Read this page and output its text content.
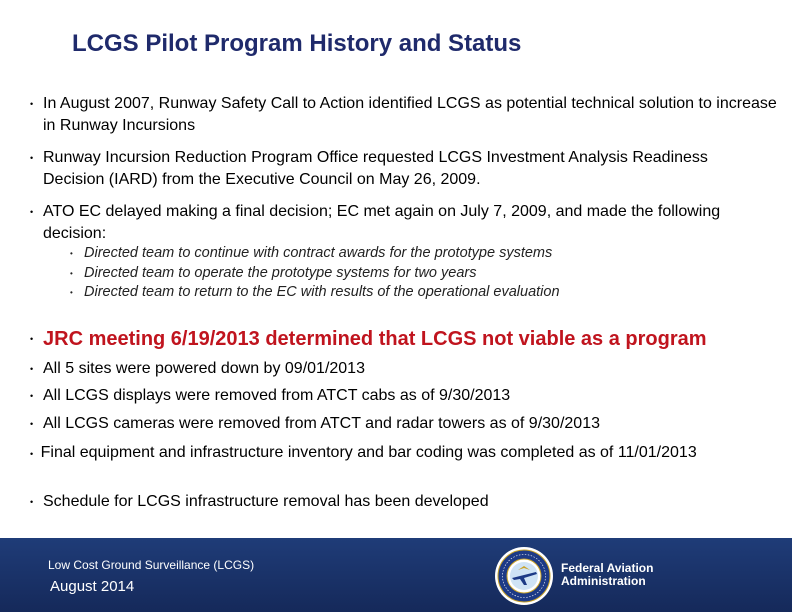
LCGS Pilot Program History and Status
• In August 2007, Runway Safety Call to Action identified LCGS as potential technical solution to increase in Runway Incursions
• Runway Incursion Reduction Program Office requested LCGS Investment Analysis Readiness Decision (IARD) from the Executive Council on May 26, 2009.
• ATO EC delayed making a final decision; EC met again on July 7, 2009, and made the following decision:
• Directed team to continue with contract awards for the prototype systems
• Directed team to operate the prototype systems for two years
• Directed team to return to the EC with results of the operational evaluation
• JRC meeting 6/19/2013 determined that LCGS not viable as a program
• All 5 sites were powered down by 09/01/2013
• All LCGS displays were removed from ATCT cabs as of 9/30/2013
• All LCGS cameras were removed from ATCT and radar towers as of 9/30/2013
• Final equipment and infrastructure inventory and bar coding was completed as of 11/01/2013
• Schedule for LCGS infrastructure removal has been developed
Low Cost Ground Surveillance (LCGS)
August 2014
Federal Aviation
Administration
